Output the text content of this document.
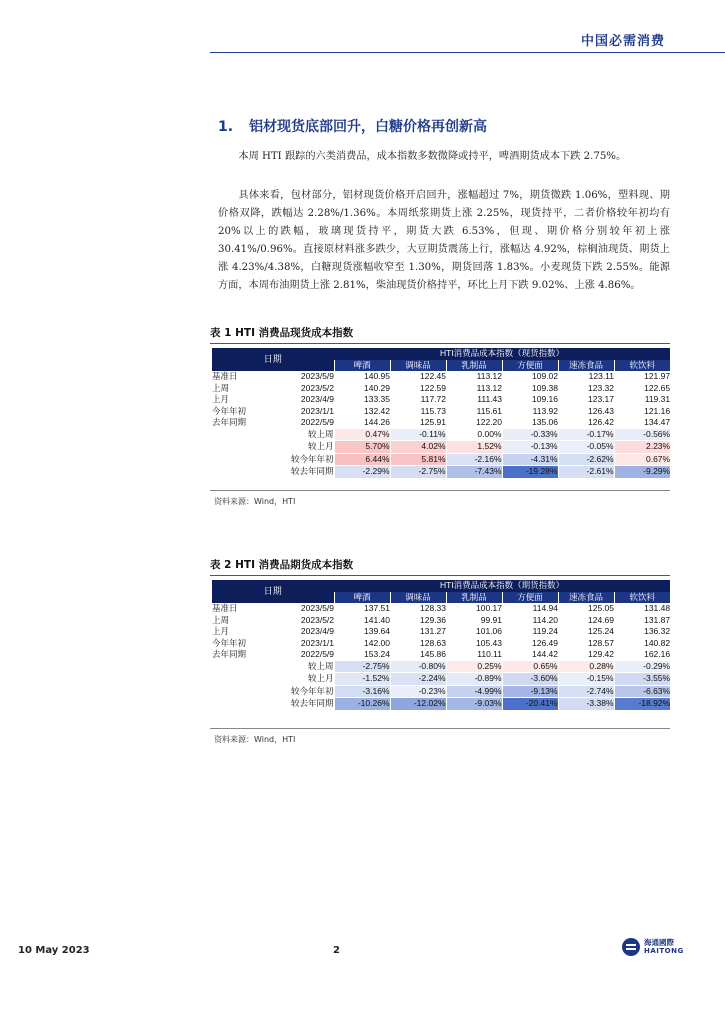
中国必需消费
1. 铝材现货底部回升，白糖价格再创新高
本周 HTI 跟踪的六类消费品，成本指数多数微降或持平，啤酒期货成本下跌 2.75%。
具体来看，包材部分，铝材现货价格开启回升，涨幅超过 7%，期货微跌 1.06%，塑料现、期价格双降，跌幅达 2.28%/1.36%。本周纸浆期货上涨 2.25%，现货持平，二者价格较年初均有 20%以上的跌幅，玻璃现货持平，期货大跌 6.53%，但现、期价格分别较年初上涨 30.41%/0.96%。直接原材料涨多跌少，大豆期货震荡上行，涨幅达 4.92%，棕榈油现货、期货上涨 4.23%/4.38%，白糖现货涨幅收窄至 1.30%，期货回落 1.83%。小麦现货下跌 2.55%。能源方面，本周布油期货上涨 2.81%，柴油现货价格持平，环比上月下跌 9.02%、上涨 4.86%。
表 1 HTI 消费品现货成本指数
日期		HTI消费品成本指数（现货指数）					
		啤酒	调味品	乳制品	方便面	速冻食品	软饮料
基准日	2023/5/9	140.95	122.45	113.12	109.02	123.11	121.97
上周	2023/5/2	140.29	122.59	113.12	109.38	123.32	122.65
上月	2023/4/9	133.35	117.72	111.43	109.16	123.17	119.31
今年年初	2023/1/1	132.42	115.73	115.61	113.92	126.43	121.16
去年同期	2022/5/9	144.26	125.91	122.20	135.06	126.42	134.47
较上周		0.47%	-0.11%	0.00%	-0.33%	-0.17%	-0.56%
较上月		5.70%	4.02%	1.52%	-0.13%	-0.05%	2.23%
较今年年初		6.44%	5.81%	-2.16%	-4.31%	-2.62%	0.67%
较去年同期		-2.29%	-2.75%	-7.43%	-19.28%	-2.61%	-9.29%
资料来源：Wind，HTI
表 2 HTI 消费品期货成本指数
日期		HTI消费品成本指数（期货指数）					
		啤酒	调味品	乳制品	方便面	速冻食品	软饮料
基准日	2023/5/9	137.51	128.33	100.17	114.94	125.05	131.48
上周	2023/5/2	141.40	129.36	99.91	114.20	124.69	131.87
上月	2023/4/9	139.64	131.27	101.06	119.24	125.24	136.32
今年年初	2023/1/1	142.00	128.63	105.43	126.49	128.57	140.82
去年同期	2022/5/9	153.24	145.86	110.11	144.42	129.42	162.16
较上周		-2.75%	-0.80%	0.25%	0.65%	0.28%	-0.29%
较上月		-1.52%	-2.24%	-0.89%	-3.60%	-0.15%	-3.55%
较今年年初		-3.16%	-0.23%	-4.99%	-9.13%	-2.74%	-6.63%
较去年同期		-10.26%	-12.02%	-9.03%	-20.41%	-3.38%	-18.92%
资料来源：Wind，HTI
10 May 2023	2
海通國際
HAITONG
